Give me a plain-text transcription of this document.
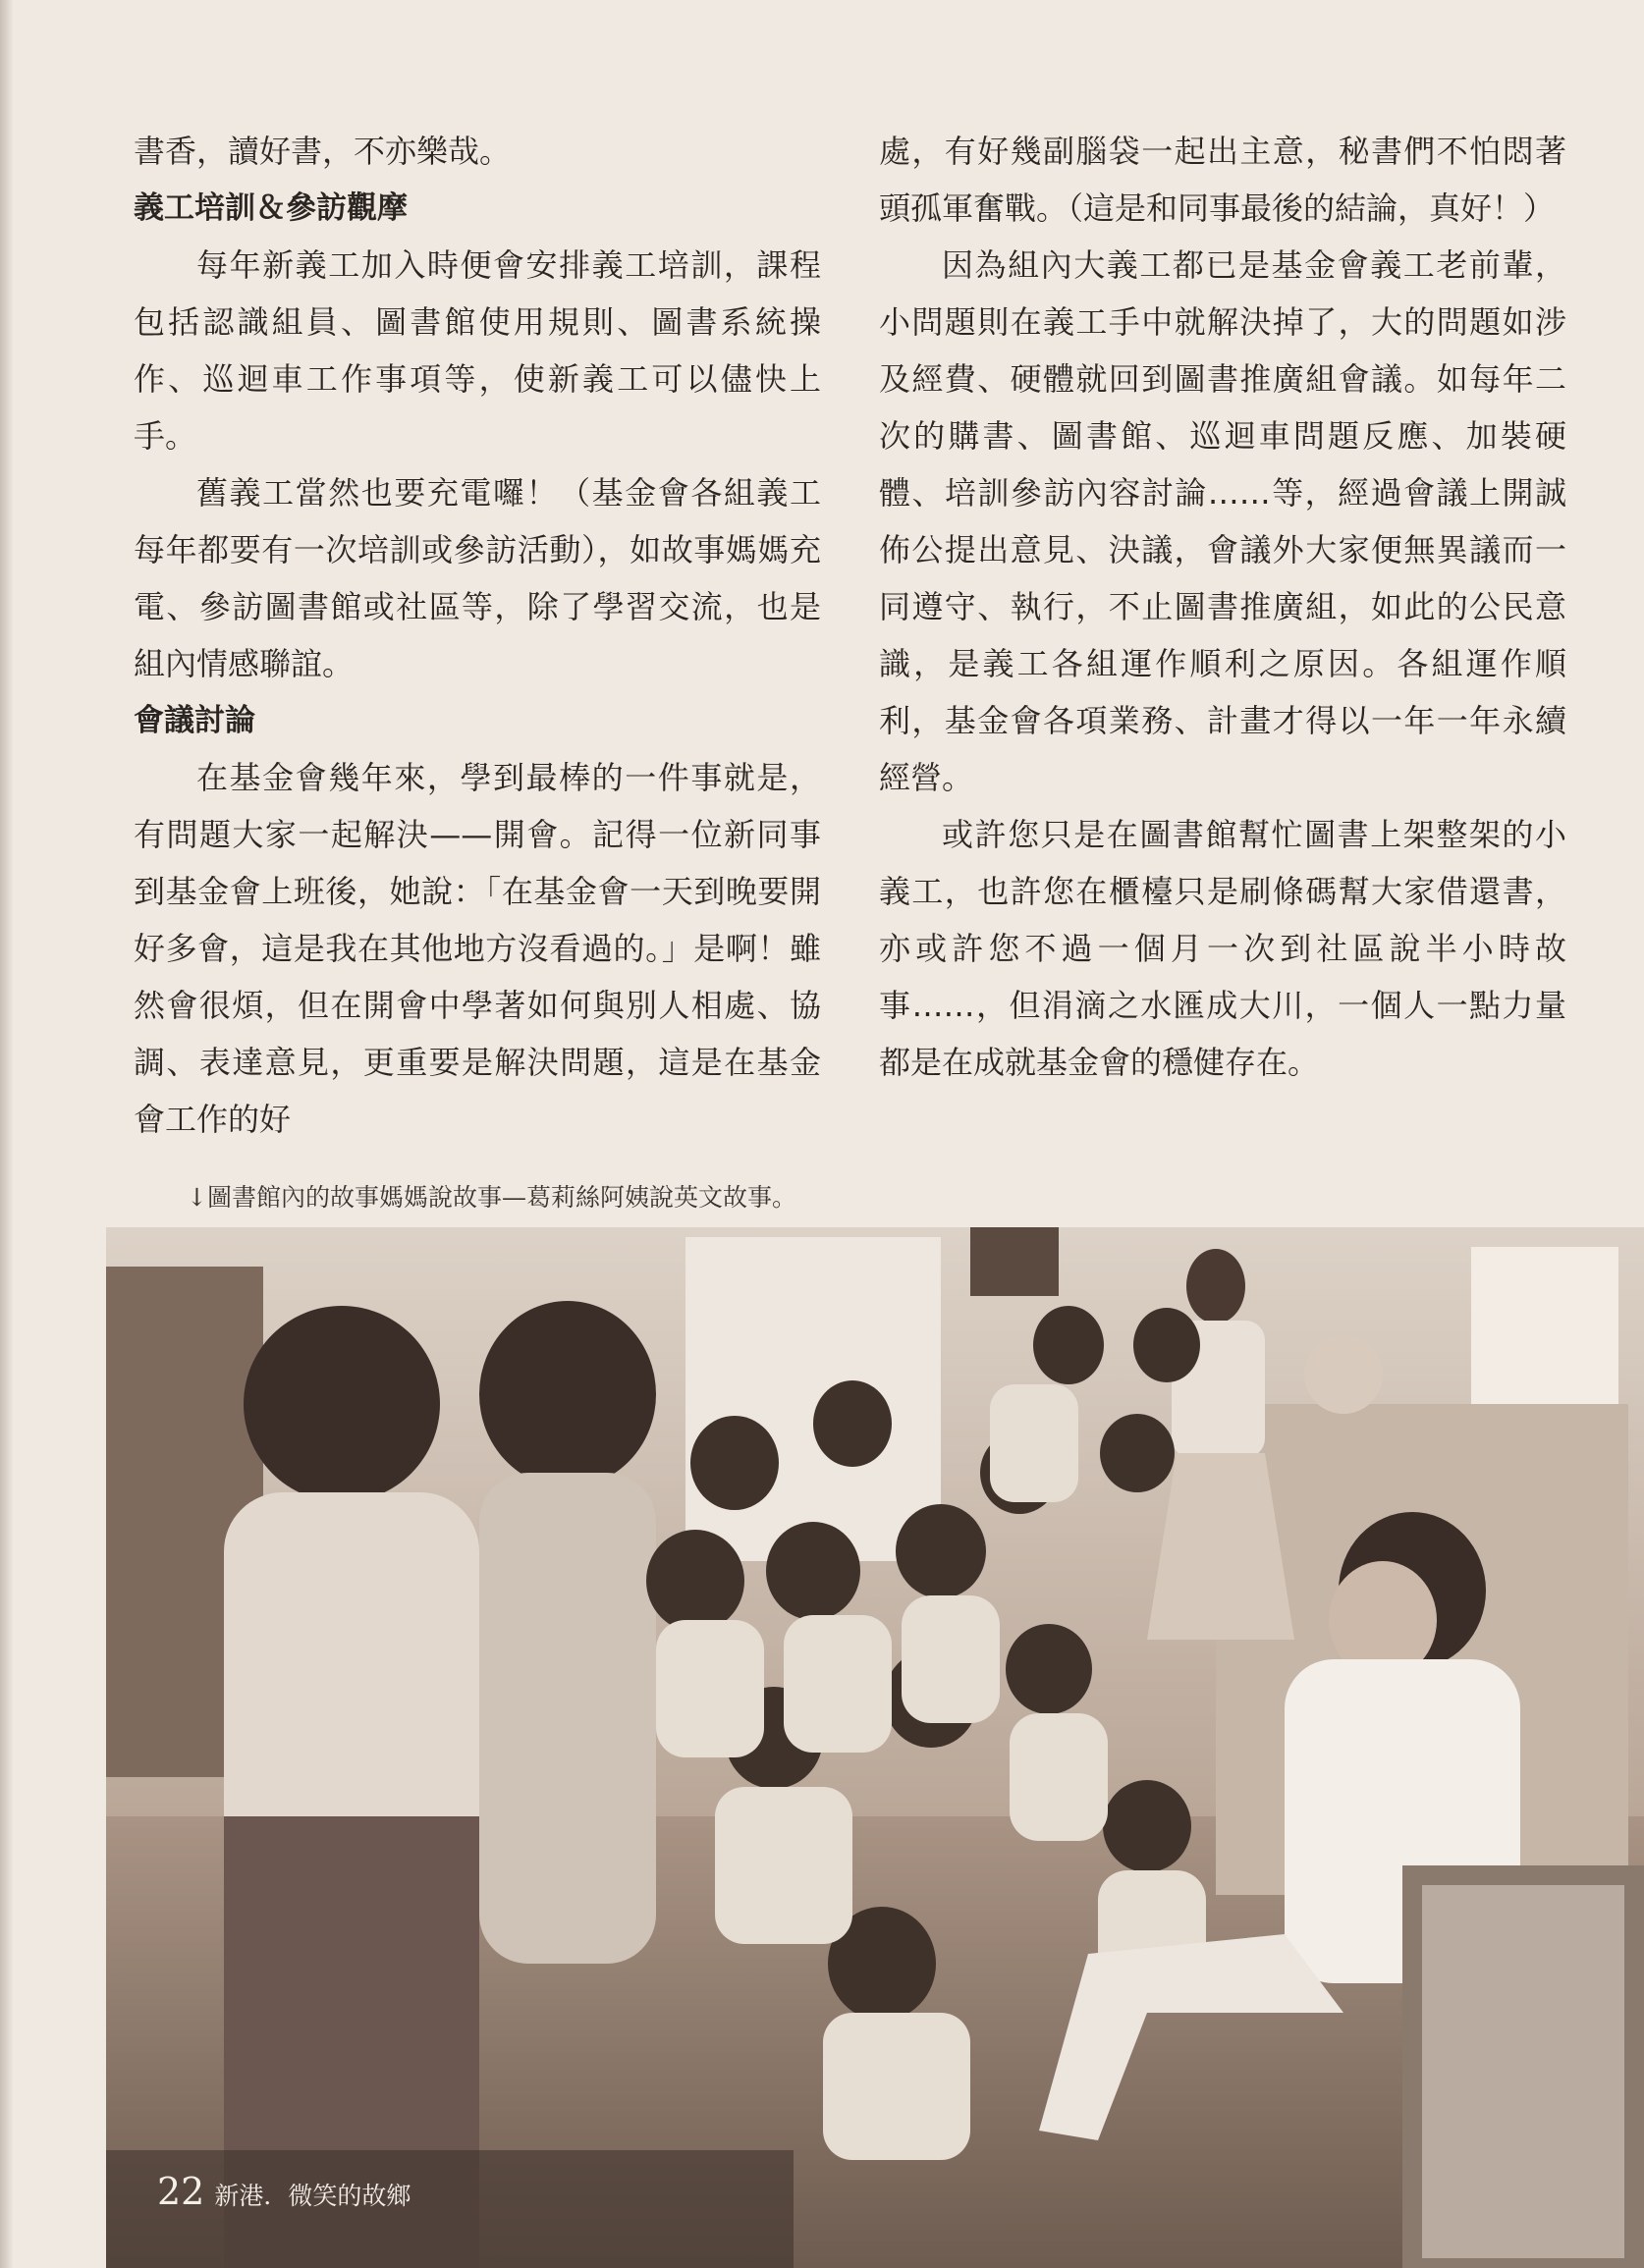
書香，讀好書，不亦樂哉。

義工培訓＆參訪觀摩

每年新義工加入時便會安排義工培訓，課程包括認識組員、圖書館使用規則、圖書系統操作、巡迴車工作事項等，使新義工可以儘快上手。

舊義工當然也要充電囉！（基金會各組義工每年都要有一次培訓或參訪活動），如故事媽媽充電、參訪圖書館或社區等，除了學習交流，也是組內情感聯誼。

會議討論

在基金會幾年來，學到最棒的一件事就是，有問題大家一起解決——開會。記得一位新同事到基金會上班後，她說：「在基金會一天到晚要開好多會，這是我在其他地方沒看過的。」是啊！雖然會很煩，但在開會中學著如何與別人相處、協調、表達意見，更重要是解決問題，這是在基金會工作的好

處，有好幾副腦袋一起出主意，秘書們不怕悶著頭孤軍奮戰。（這是和同事最後的結論，真好！）

因為組內大義工都已是基金會義工老前輩，小問題則在義工手中就解決掉了，大的問題如涉及經費、硬體就回到圖書推廣組會議。如每年二次的購書、圖書館、巡迴車問題反應、加裝硬體、培訓參訪內容討論……等，經過會議上開誠佈公提出意見、決議，會議外大家便無異議而一同遵守、執行，不止圖書推廣組，如此的公民意識，是義工各組運作順利之原因。各組運作順利，基金會各項業務、計畫才得以一年一年永續經營。

或許您只是在圖書館幫忙圖書上架整架的小義工，也許您在櫃檯只是刷條碼幫大家借還書，亦或許您不過一個月一次到社區說半小時故事……，但涓滴之水匯成大川，一個人一點力量都是在成就基金會的穩健存在。

↓圖書館內的故事媽媽說故事—葛莉絲阿姨說英文故事。
22 新港．微笑的故鄉
